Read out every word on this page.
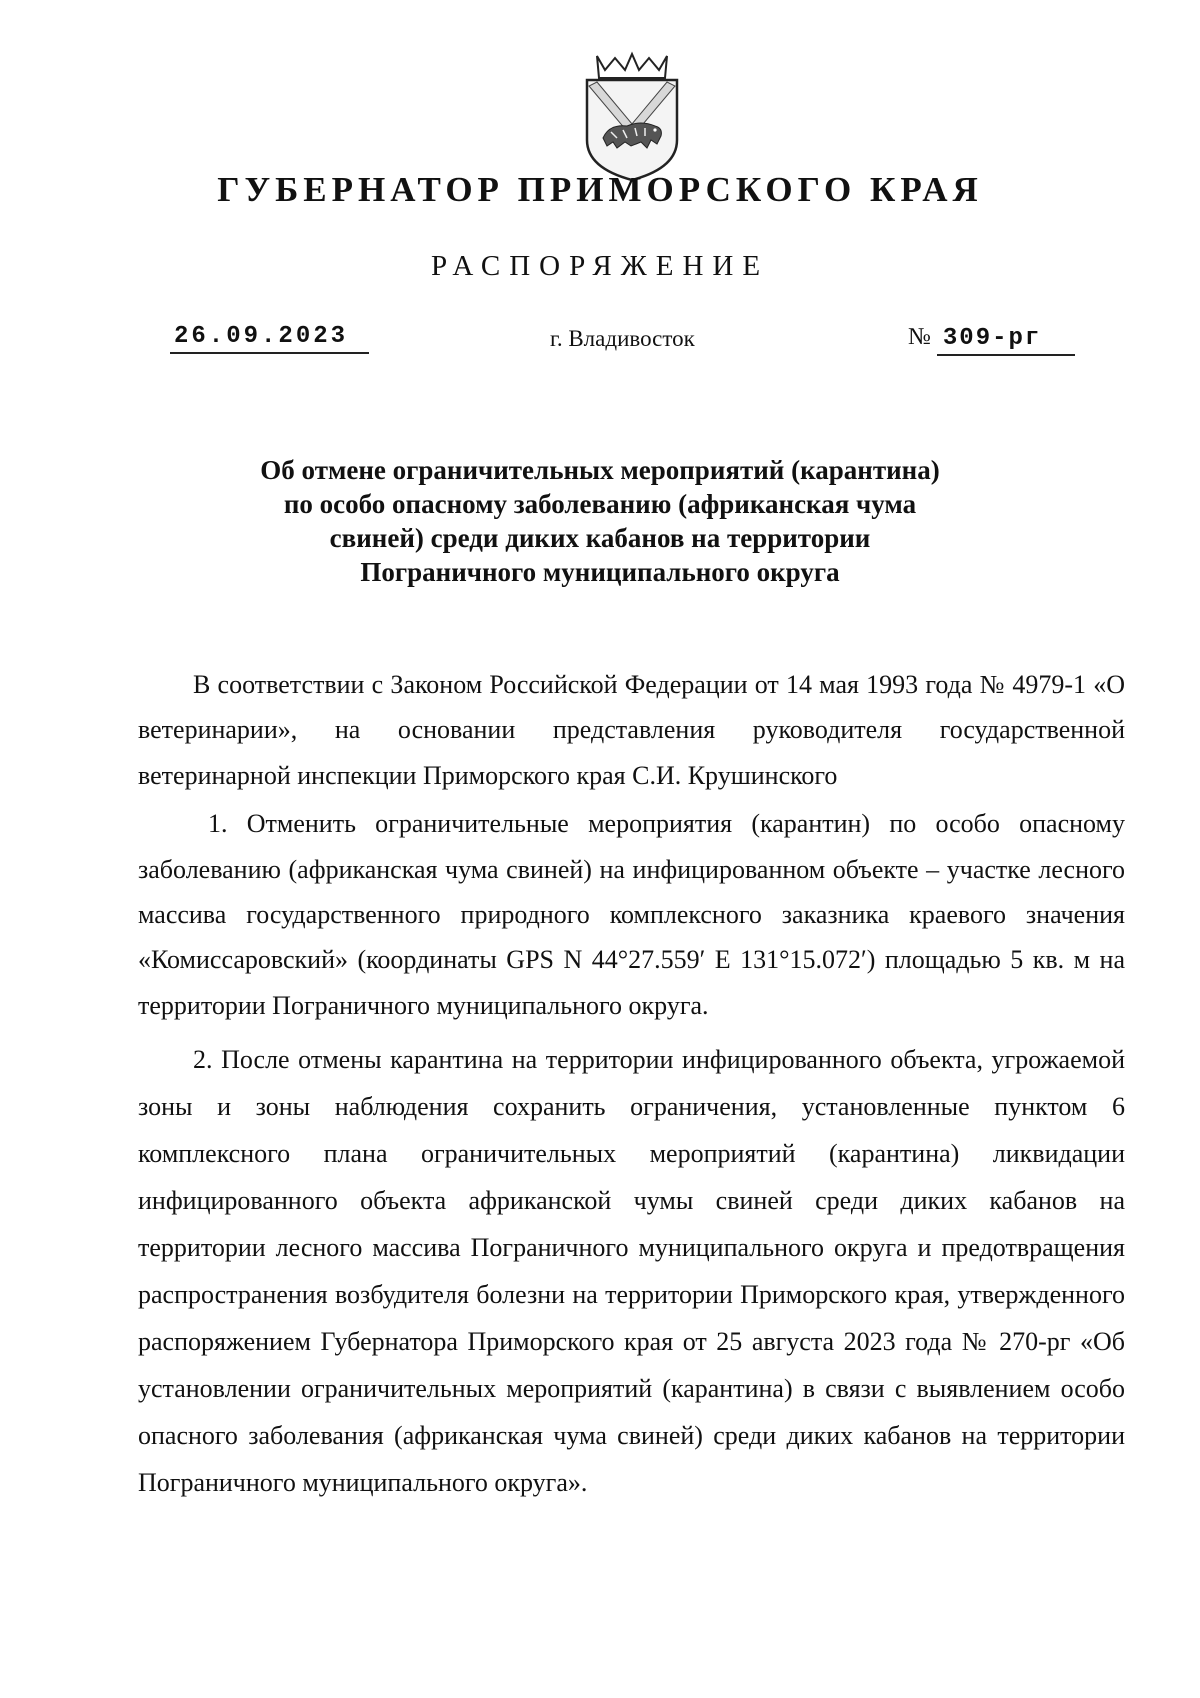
ГУБЕРНАТОР ПРИМОРСКОГО КРАЯ
РАСПОРЯЖЕНИЕ
26.09.2023	г. Владивосток	№ 309-рг
Об отмене ограничительных мероприятий (карантина)
по особо опасному заболеванию (африканская чума
свиней) среди диких кабанов на территории
Пограничного муниципального округа

В соответствии с Законом Российской Федерации от 14 мая 1993 года № 4979-1 «О ветеринарии», на основании представления руководителя государственной ветеринарной инспекции Приморского края С.И. Крушинского

1. Отменить ограничительные мероприятия (карантин) по особо опасному заболеванию (африканская чума свиней) на инфицированном объекте – участке лесного массива государственного природного комплексного заказника краевого значения «Комиссаровский» (координаты GPS N 44°27.559′ E 131°15.072′) площадью 5 кв. м на территории Пограничного муниципального округа.

2. После отмены карантина на территории инфицированного объекта, угрожаемой зоны и зоны наблюдения сохранить ограничения, установленные пунктом 6 комплексного плана ограничительных мероприятий (карантина) ликвидации инфицированного объекта африканской чумы свиней среди диких кабанов на территории лесного массива Пограничного муниципального округа и предотвращения распространения возбудителя болезни на территории Приморского края, утвержденного распоряжением Губернатора Приморского края от 25 августа 2023 года № 270-рг «Об установлении ограничительных мероприятий (карантина) в связи с выявлением особо опасного заболевания (африканская чума свиней) среди диких кабанов на территории Пограничного муниципального округа».
